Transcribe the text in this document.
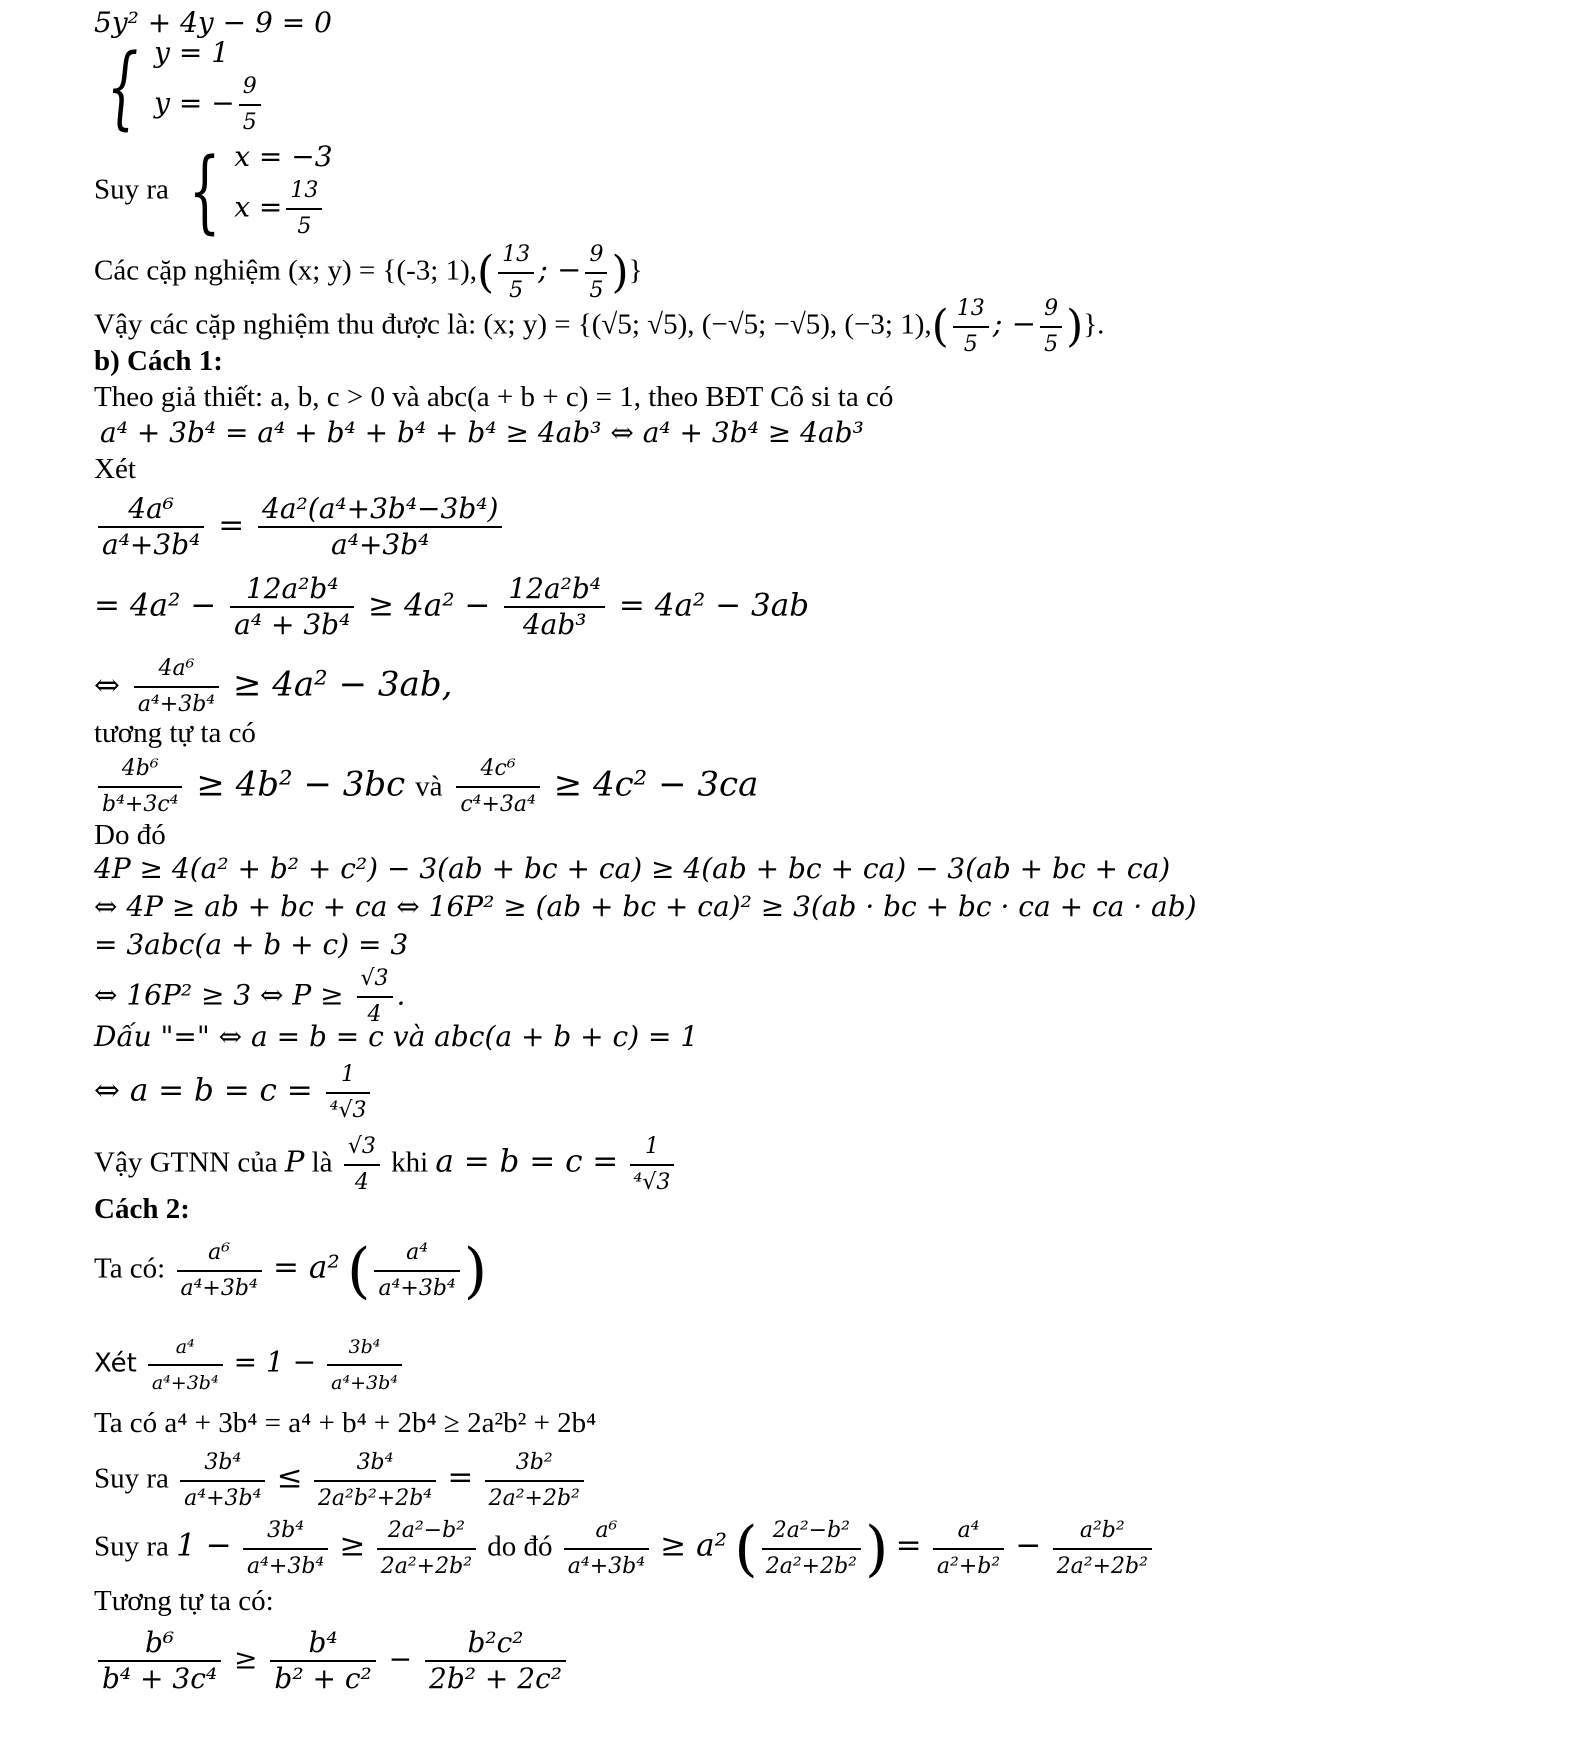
5y² + 4y − 9 = 0
{ y = 1
y = − $\frac{9}{5}$
Suy ra { x = −3
$x = \frac{13}{5}$
Các cặp nghiệm (x; y) = {(-3; $1),( \frac{13}{5}$ ; − $\frac{9}{5}$ )}
Vậy các cặp nghiệm thu được là: (x; y) = {(√5; √5), (−√5; −√5), (−3; $1),( \frac{13}{5}$ ; − $\frac{9}{5}$ )}.
b) Cách 1:
Theo giả thiết: a, b, c > 0 và abc(a + b + c) = 1, theo BĐT Cô si ta có
a⁴ + 3b⁴ = a⁴ + b⁴ + b⁴ + b⁴ ≥ 4ab³ ⇔ a⁴ + 3b⁴ ≥ 4ab³
Xét
$\frac{\text{4a⁶}}{\text{a⁴+3b⁴}} = \frac{\text{4a²(a⁴+3b⁴−3b⁴)}}{\text{a⁴+3b⁴}}$
= $4a^2 - \frac{\text{12a²b⁴}}{\text{a⁴ + 3b⁴}} \ge 4a^2 - \frac{\text{12a²b⁴}}{\text{4ab³}} = 4a^2 - 3ab$
⇔ $\frac{\text{4a⁶}}{\text{a⁴+3b⁴}} \ge 4a^2 - 3ab$,
tương tự ta có
$\frac{\text{4b⁶}}{\text{b⁴+3c⁴}} \ge 4b^2 - 3bc$ và $\frac{\text{4c⁶}}{\text{c⁴+3a⁴}} \ge 4c^2 - 3ca$
Do đó
4P ≥ 4(a² + b² + c²) − 3(ab + bc + ca) ≥ 4(ab + bc + ca) − 3(ab + bc + ca)
⇔ 4P ≥ ab + bc + ca ⇔ 16P² ≥ (ab + bc + ca)² ≥ 3(ab · bc + bc · ca + ca · ab)
= 3abc(a + b + c) = 3
⇔ 16P² ≥ 3 ⇔ $P \ge \frac{√3}{4}$ .
Dấu "=" ⇔ a = b = c và abc(a + b + c) = 1
⇔ $a = b = c = \frac{1}{\text{⁴√3}}$
Vậy GTNN của P là $\frac{√3}{4}$ khi $a = b = c = \frac{1}{\text{⁴√3}}$
Cách 2:
Ta có: $\frac{\text{a⁶}}{\text{a⁴+3b⁴}} = a^2$ ( $\frac{\text{a⁴}}{\text{a⁴+3b⁴}}$ )
Xét $\frac{\text{a⁴}}{\text{a⁴+3b⁴}} = 1 - \frac{\text{3b⁴}}{\text{a⁴+3b⁴}}$
Ta có a⁴ + 3b⁴ = a⁴ + b⁴ + 2b⁴ ≥ 2a²b² + 2b⁴
Suy ra $\frac{\text{3b⁴}}{\text{a⁴+3b⁴}} \le \frac{\text{3b⁴}}{\text{2a²b²+2b⁴}} = \frac{\text{3b²}}{\text{2a²+2b²}}$
Suy ra $1 - \frac{\text{3b⁴}}{\text{a⁴+3b⁴}} \ge \frac{\text{2a²−b²}}{\text{2a²+2b²}}$ do đó $\frac{\text{a⁶}}{\text{a⁴+3b⁴}} \ge a^2$ ( $\frac{\text{2a²−b²}}{\text{2a²+2b²}}$ ) = $\frac{\text{a⁴}}{\text{a²+b²}} - \frac{\text{a²b²}}{\text{2a²+2b²}}$
Tương tự ta có:
$\frac{\text{b⁶}}{\text{b⁴ + 3c⁴}} \ge \frac{\text{b⁴}}{\text{b² + c²}} - \frac{\text{b²c²}}{\text{2b² + 2c²}}$
